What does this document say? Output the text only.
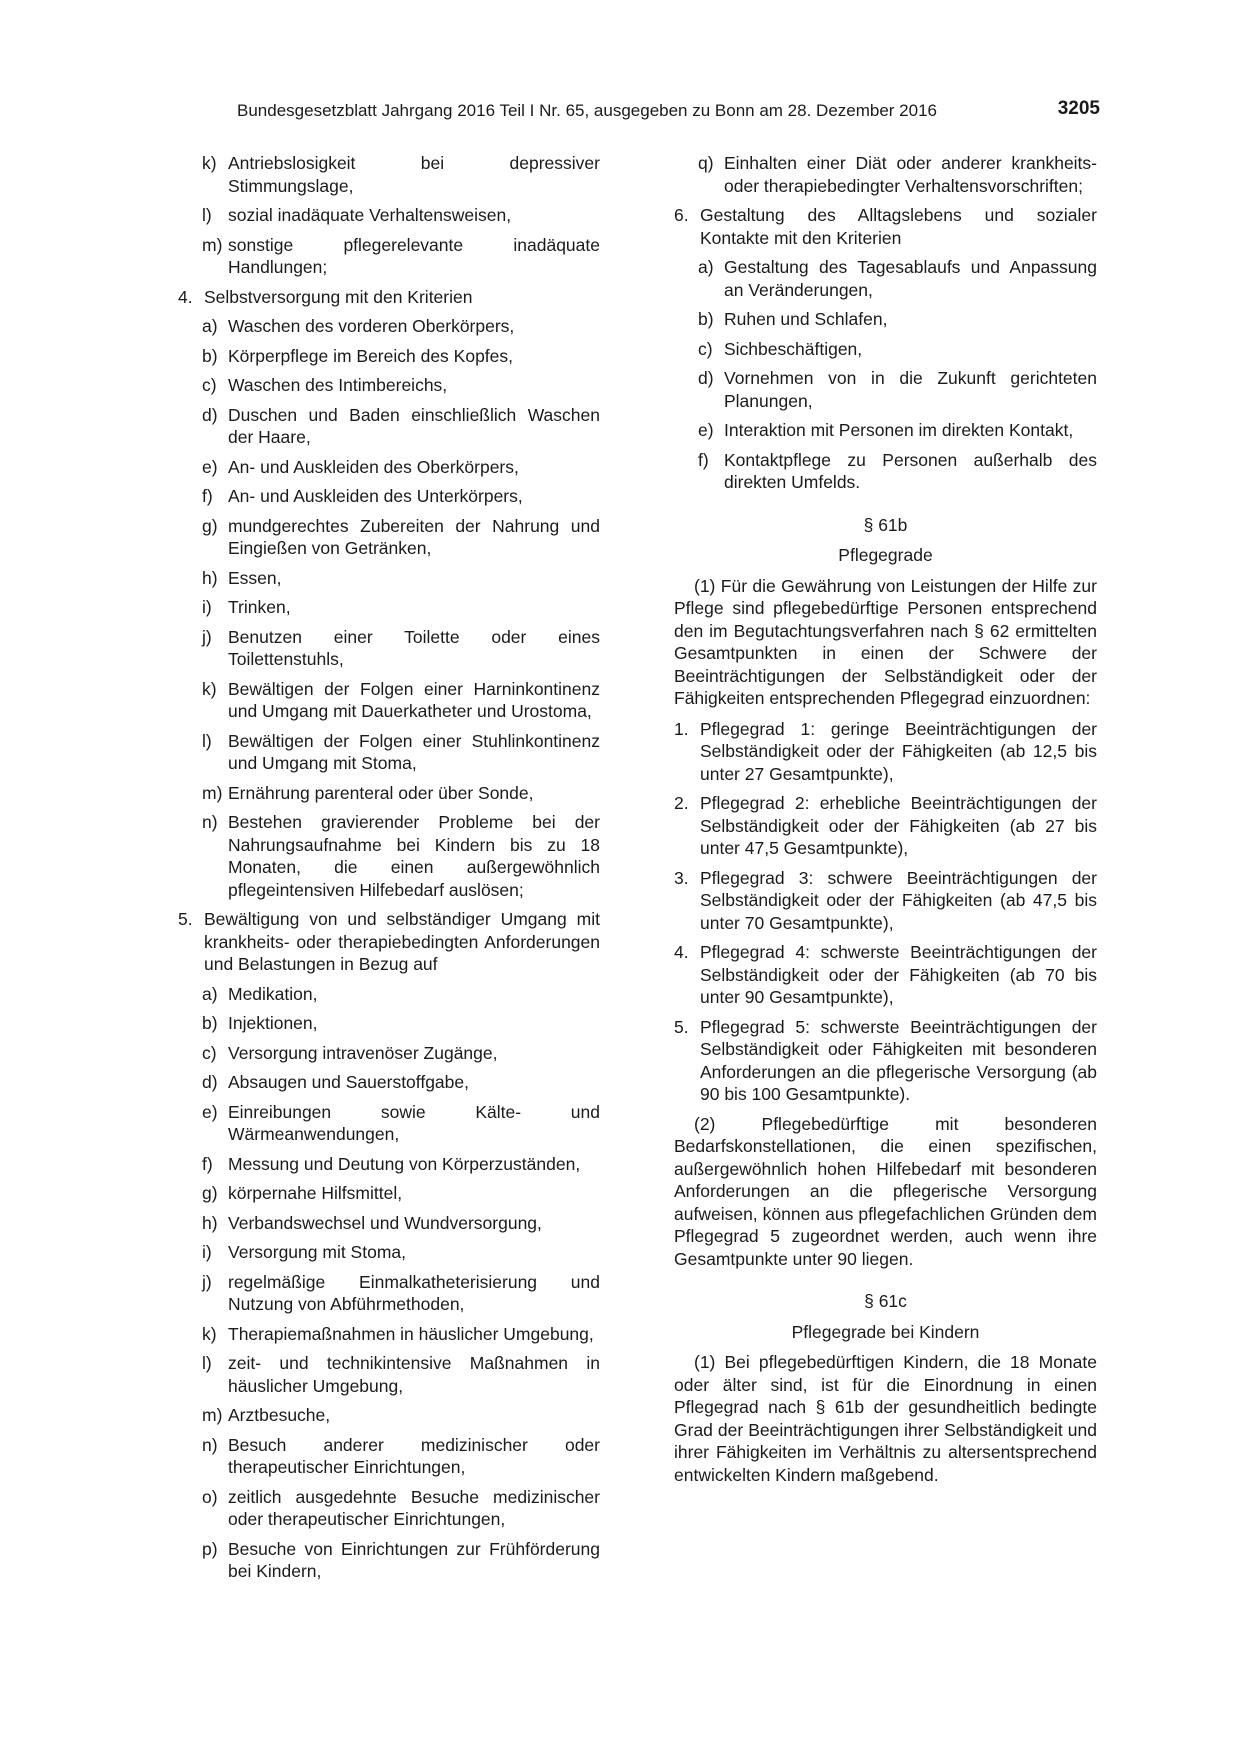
Bundesgesetzblatt Jahrgang 2016 Teil I Nr. 65, ausgegeben zu Bonn am 28. Dezember 2016	3205
k) Antriebslosigkeit bei depressiver Stimmungslage,
l) sozial inadäquate Verhaltensweisen,
m) sonstige pflegerelevante inadäquate Handlungen;
4. Selbstversorgung mit den Kriterien
a) Waschen des vorderen Oberkörpers,
b) Körperpflege im Bereich des Kopfes,
c) Waschen des Intimbereichs,
d) Duschen und Baden einschließlich Waschen der Haare,
e) An- und Auskleiden des Oberkörpers,
f) An- und Auskleiden des Unterkörpers,
g) mundgerechtes Zubereiten der Nahrung und Eingießen von Getränken,
h) Essen,
i) Trinken,
j) Benutzen einer Toilette oder eines Toilettenstuhls,
k) Bewältigen der Folgen einer Harninkontinenz und Umgang mit Dauerkatheter und Urostoma,
l) Bewältigen der Folgen einer Stuhlinkontinenz und Umgang mit Stoma,
m) Ernährung parenteral oder über Sonde,
n) Bestehen gravierender Probleme bei der Nahrungsaufnahme bei Kindern bis zu 18 Monaten, die einen außergewöhnlich pflegeintensiven Hilfebedarf auslösen;
5. Bewältigung von und selbständiger Umgang mit krankheits- oder therapiebedingten Anforderungen und Belastungen in Bezug auf
a) Medikation,
b) Injektionen,
c) Versorgung intravenöser Zugänge,
d) Absaugen und Sauerstoffgabe,
e) Einreibungen sowie Kälte- und Wärmeanwendungen,
f) Messung und Deutung von Körperzuständen,
g) körpernahe Hilfsmittel,
h) Verbandswechsel und Wundversorgung,
i) Versorgung mit Stoma,
j) regelmäßige Einmalkatheterisierung und Nutzung von Abführmethoden,
k) Therapiemaßnahmen in häuslicher Umgebung,
l) zeit- und technikintensive Maßnahmen in häuslicher Umgebung,
m) Arztbesuche,
n) Besuch anderer medizinischer oder therapeutischer Einrichtungen,
o) zeitlich ausgedehnte Besuche medizinischer oder therapeutischer Einrichtungen,
p) Besuche von Einrichtungen zur Frühförderung bei Kindern,
q) Einhalten einer Diät oder anderer krankheits- oder therapiebedingter Verhaltensvorschriften;
6. Gestaltung des Alltagslebens und sozialer Kontakte mit den Kriterien
a) Gestaltung des Tagesablaufs und Anpassung an Veränderungen,
b) Ruhen und Schlafen,
c) Sichbeschäftigen,
d) Vornehmen von in die Zukunft gerichteten Planungen,
e) Interaktion mit Personen im direkten Kontakt,
f) Kontaktpflege zu Personen außerhalb des direkten Umfelds.
§ 61b
Pflegegrade
(1) Für die Gewährung von Leistungen der Hilfe zur Pflege sind pflegebedürftige Personen entsprechend den im Begutachtungsverfahren nach § 62 ermittelten Gesamtpunkten in einen der Schwere der Beeinträchtigungen der Selbständigkeit oder der Fähigkeiten entsprechenden Pflegegrad einzuordnen:
1. Pflegegrad 1: geringe Beeinträchtigungen der Selbständigkeit oder der Fähigkeiten (ab 12,5 bis unter 27 Gesamtpunkte),
2. Pflegegrad 2: erhebliche Beeinträchtigungen der Selbständigkeit oder der Fähigkeiten (ab 27 bis unter 47,5 Gesamtpunkte),
3. Pflegegrad 3: schwere Beeinträchtigungen der Selbständigkeit oder der Fähigkeiten (ab 47,5 bis unter 70 Gesamtpunkte),
4. Pflegegrad 4: schwerste Beeinträchtigungen der Selbständigkeit oder der Fähigkeiten (ab 70 bis unter 90 Gesamtpunkte),
5. Pflegegrad 5: schwerste Beeinträchtigungen der Selbständigkeit oder Fähigkeiten mit besonderen Anforderungen an die pflegerische Versorgung (ab 90 bis 100 Gesamtpunkte).
(2) Pflegebedürftige mit besonderen Bedarfskonstellationen, die einen spezifischen, außergewöhnlich hohen Hilfebedarf mit besonderen Anforderungen an die pflegerische Versorgung aufweisen, können aus pflegefachlichen Gründen dem Pflegegrad 5 zugeordnet werden, auch wenn ihre Gesamtpunkte unter 90 liegen.
§ 61c
Pflegegrade bei Kindern
(1) Bei pflegebedürftigen Kindern, die 18 Monate oder älter sind, ist für die Einordnung in einen Pflegegrad nach § 61b der gesundheitlich bedingte Grad der Beeinträchtigungen ihrer Selbständigkeit und ihrer Fähigkeiten im Verhältnis zu altersentsprechend entwickelten Kindern maßgebend.
